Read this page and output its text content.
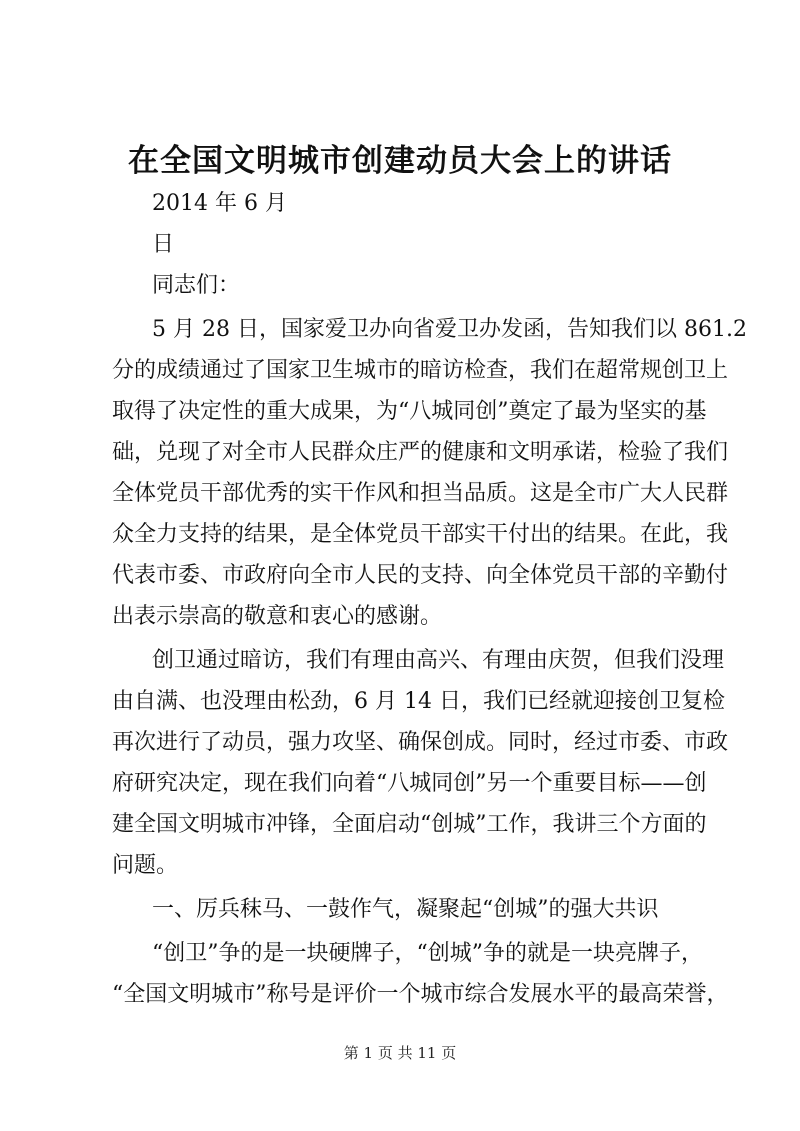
在全国文明城市创建动员大会上的讲话
2014 年 6 月
日
同志们：
5 月 28 日，国家爱卫办向省爱卫办发函，告知我们以 861.2
分的成绩通过了国家卫生城市的暗访检查，我们在超常规创卫上
取得了决定性的重大成果，为“八城同创”奠定了最为坚实的基
础，兑现了对全市人民群众庄严的健康和文明承诺，检验了我们
全体党员干部优秀的实干作风和担当品质。这是全市广大人民群
众全力支持的结果，是全体党员干部实干付出的结果。在此，我
代表市委、市政府向全市人民的支持、向全体党员干部的辛勤付
出表示崇高的敬意和衷心的感谢。
创卫通过暗访，我们有理由高兴、有理由庆贺，但我们没理
由自满、也没理由松劲，6 月 14 日，我们已经就迎接创卫复检
再次进行了动员，强力攻坚、确保创成。同时，经过市委、市政
府研究决定，现在我们向着“八城同创”另一个重要目标——创
建全国文明城市冲锋，全面启动“创城”工作，我讲三个方面的
问题。
一、厉兵秣马、一鼓作气，凝聚起“创城”的强大共识
“创卫”争的是一块硬牌子，“创城”争的就是一块亮牌子，
“全国文明城市”称号是评价一个城市综合发展水平的最高荣誉，
第 1 页 共 11 页
